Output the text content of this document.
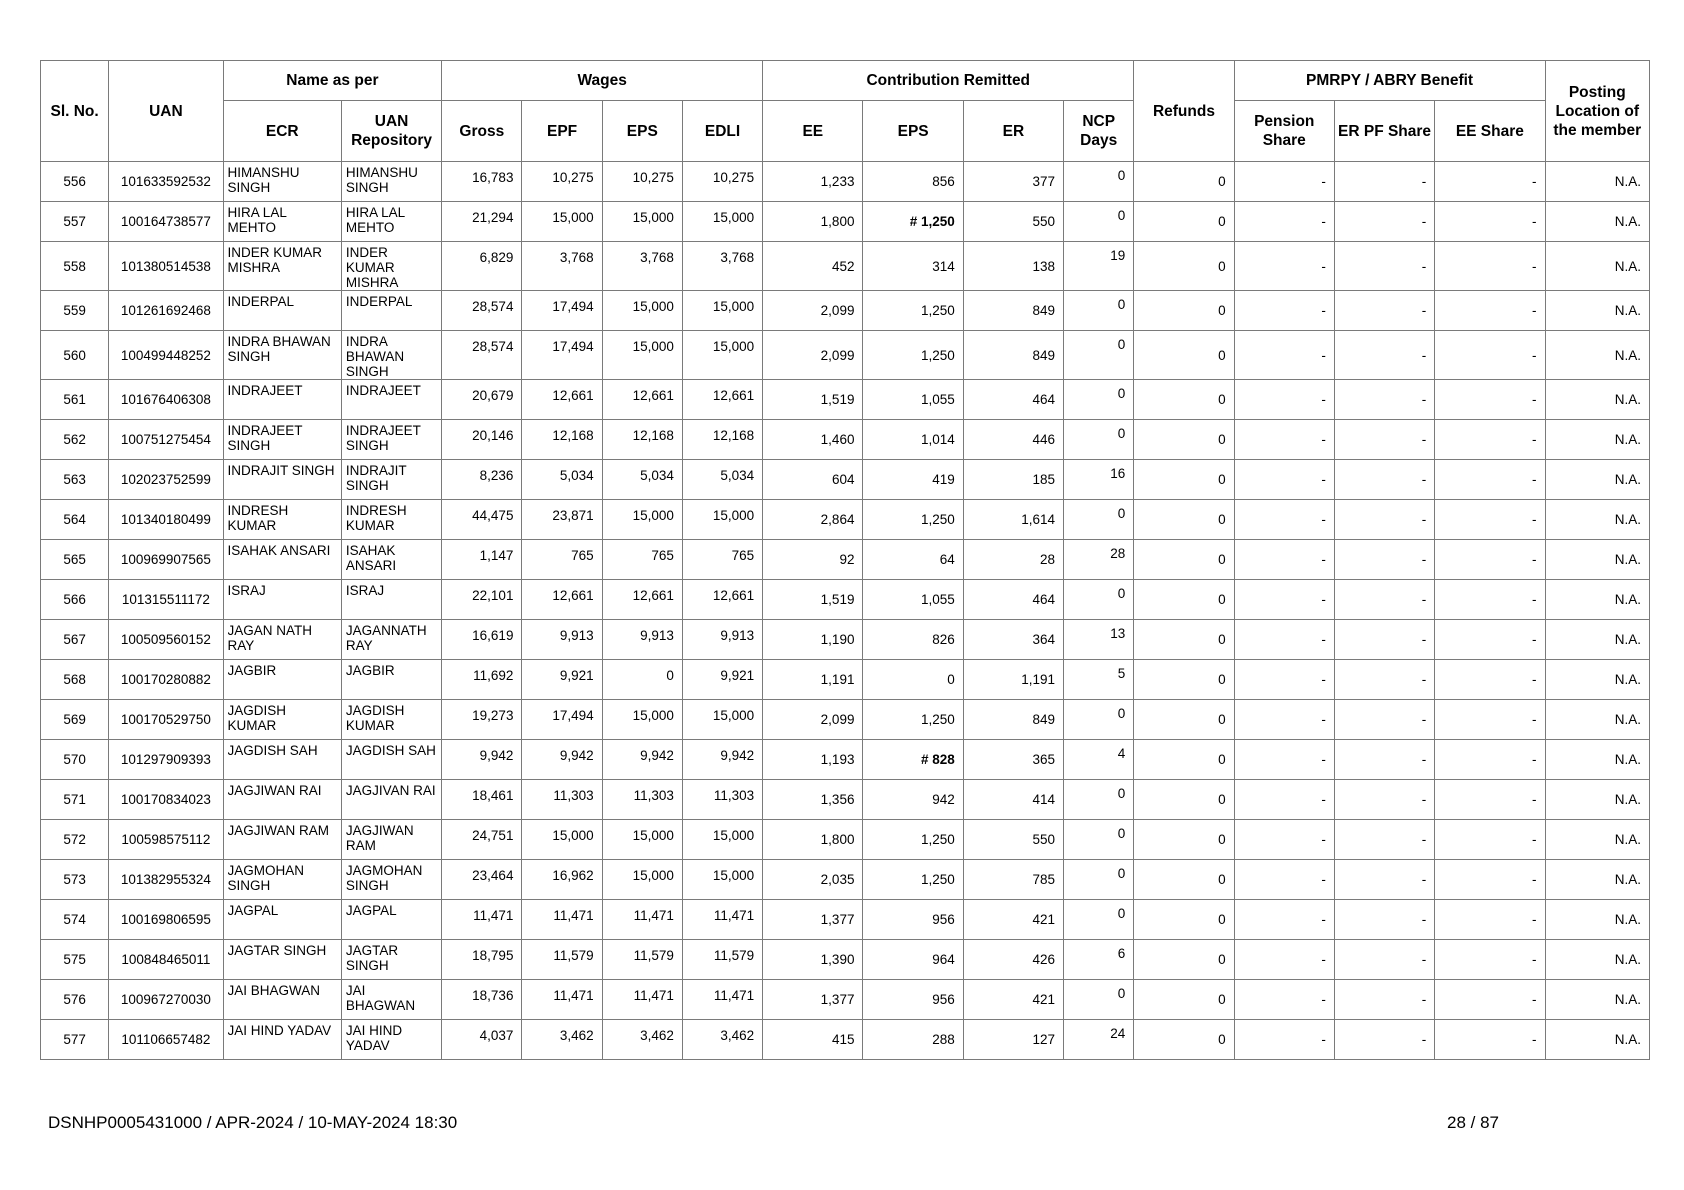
Sl. No.	UAN	Name as per		Wages				Contribution Remitted				Refunds	PMRPY / ABRY Benefit			Posting Location of the member
		ECR	UAN Repository	Gross	EPF	EPS	EDLI	EE	EPS	ER	NCP Days		Pension Share	ER PF Share	EE Share	
556	101633592532	HIMANSHU SINGH	HIMANSHU SINGH	16,783	10,275	10,275	10,275	1,233	856	377	0	0	-	-	-	N.A.
557	100164738577	HIRA LAL MEHTO	HIRA LAL MEHTO	21,294	15,000	15,000	15,000	1,800	# 1,250	550	0	0	-	-	-	N.A.
558	101380514538	INDER KUMAR MISHRA	INDER KUMAR MISHRA	6,829	3,768	3,768	3,768	452	314	138	19	0	-	-	-	N.A.
559	101261692468	INDERPAL	INDERPAL	28,574	17,494	15,000	15,000	2,099	1,250	849	0	0	-	-	-	N.A.
560	100499448252	INDRA BHAWAN SINGH	INDRA BHAWAN SINGH	28,574	17,494	15,000	15,000	2,099	1,250	849	0	0	-	-	-	N.A.
561	101676406308	INDRAJEET	INDRAJEET	20,679	12,661	12,661	12,661	1,519	1,055	464	0	0	-	-	-	N.A.
562	100751275454	INDRAJEET SINGH	INDRAJEET SINGH	20,146	12,168	12,168	12,168	1,460	1,014	446	0	0	-	-	-	N.A.
563	102023752599	INDRAJIT SINGH	INDRAJIT SINGH	8,236	5,034	5,034	5,034	604	419	185	16	0	-	-	-	N.A.
564	101340180499	INDRESH KUMAR	INDRESH KUMAR	44,475	23,871	15,000	15,000	2,864	1,250	1,614	0	0	-	-	-	N.A.
565	100969907565	ISAHAK ANSARI	ISAHAK ANSARI	1,147	765	765	765	92	64	28	28	0	-	-	-	N.A.
566	101315511172	ISRAJ	ISRAJ	22,101	12,661	12,661	12,661	1,519	1,055	464	0	0	-	-	-	N.A.
567	100509560152	JAGAN NATH RAY	JAGANNATH RAY	16,619	9,913	9,913	9,913	1,190	826	364	13	0	-	-	-	N.A.
568	100170280882	JAGBIR	JAGBIR	11,692	9,921	0	9,921	1,191	0	1,191	5	0	-	-	-	N.A.
569	100170529750	JAGDISH KUMAR	JAGDISH KUMAR	19,273	17,494	15,000	15,000	2,099	1,250	849	0	0	-	-	-	N.A.
570	101297909393	JAGDISH SAH	JAGDISH SAH	9,942	9,942	9,942	9,942	1,193	# 828	365	4	0	-	-	-	N.A.
571	100170834023	JAGJIWAN RAI	JAGJIVAN RAI	18,461	11,303	11,303	11,303	1,356	942	414	0	0	-	-	-	N.A.
572	100598575112	JAGJIWAN RAM	JAGJIWAN RAM	24,751	15,000	15,000	15,000	1,800	1,250	550	0	0	-	-	-	N.A.
573	101382955324	JAGMOHAN SINGH	JAGMOHAN SINGH	23,464	16,962	15,000	15,000	2,035	1,250	785	0	0	-	-	-	N.A.
574	100169806595	JAGPAL	JAGPAL	11,471	11,471	11,471	11,471	1,377	956	421	0	0	-	-	-	N.A.
575	100848465011	JAGTAR SINGH	JAGTAR SINGH	18,795	11,579	11,579	11,579	1,390	964	426	6	0	-	-	-	N.A.
576	100967270030	JAI BHAGWAN	JAI BHAGWAN	18,736	11,471	11,471	11,471	1,377	956	421	0	0	-	-	-	N.A.
577	101106657482	JAI HIND YADAV	JAI HIND YADAV	4,037	3,462	3,462	3,462	415	288	127	24	0	-	-	-	N.A.
DSNHP0005431000 / APR-2024 / 10-MAY-2024 18:30	28 / 87
